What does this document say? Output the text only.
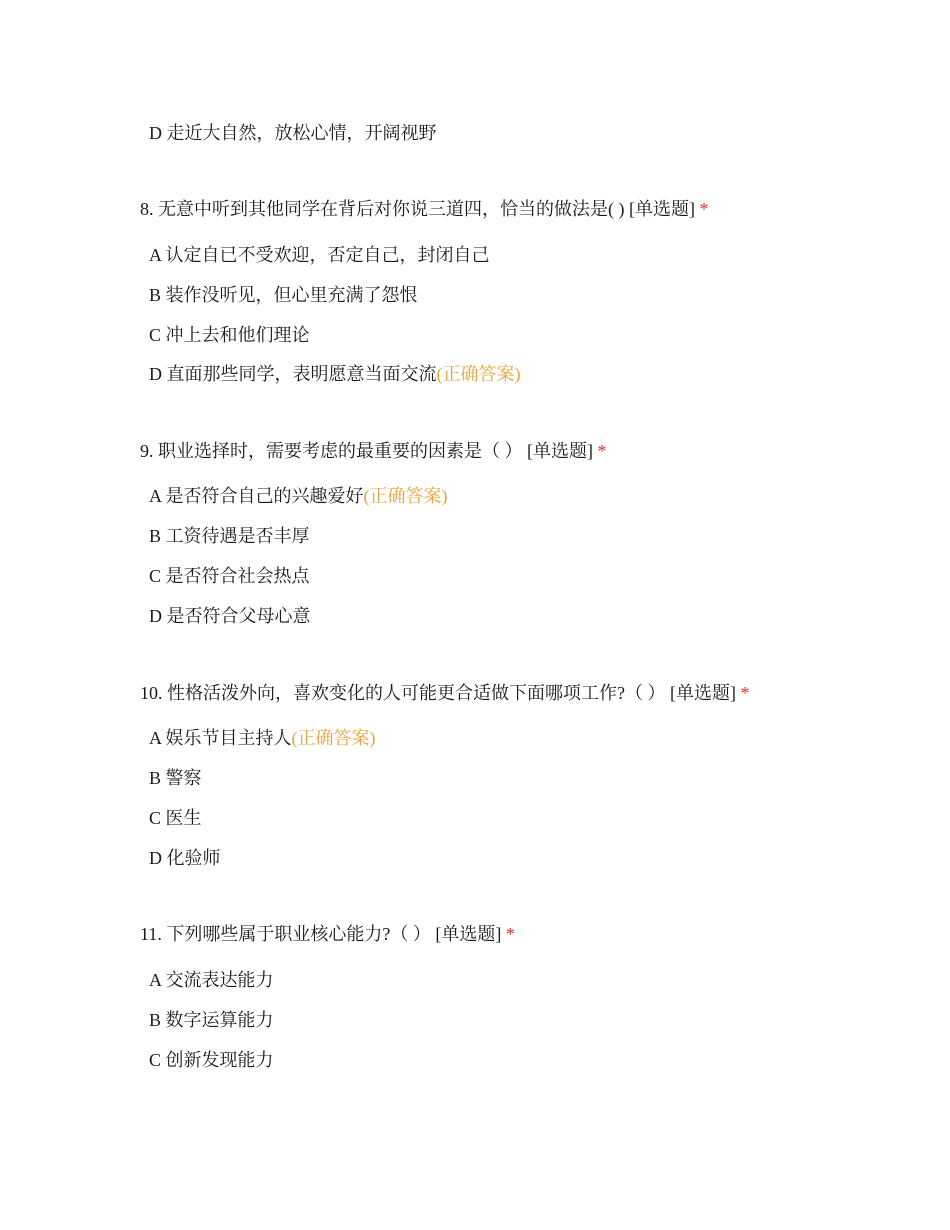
D 走近大自然，放松心情，开阔视野
8. 无意中听到其他同学在背后对你说三道四，恰当的做法是( ) [单选题] *
A 认定自已不受欢迎，否定自己，封闭自己
B 装作没听见，但心里充满了怨恨
C 冲上去和他们理论
D 直面那些同学，表明愿意当面交流(正确答案)
9. 职业选择时，需要考虑的最重要的因素是（ ） [单选题] *
A 是否符合自己的兴趣爱好(正确答案)
B 工资待遇是否丰厚
C 是否符合社会热点
D 是否符合父母心意
10. 性格活泼外向，喜欢变化的人可能更合适做下面哪项工作?（ ） [单选题] *
A 娱乐节目主持人(正确答案)
B 警察
C 医生
D 化验师
11. 下列哪些属于职业核心能力?（ ） [单选题] *
A 交流表达能力
B 数字运算能力
C 创新发现能力
